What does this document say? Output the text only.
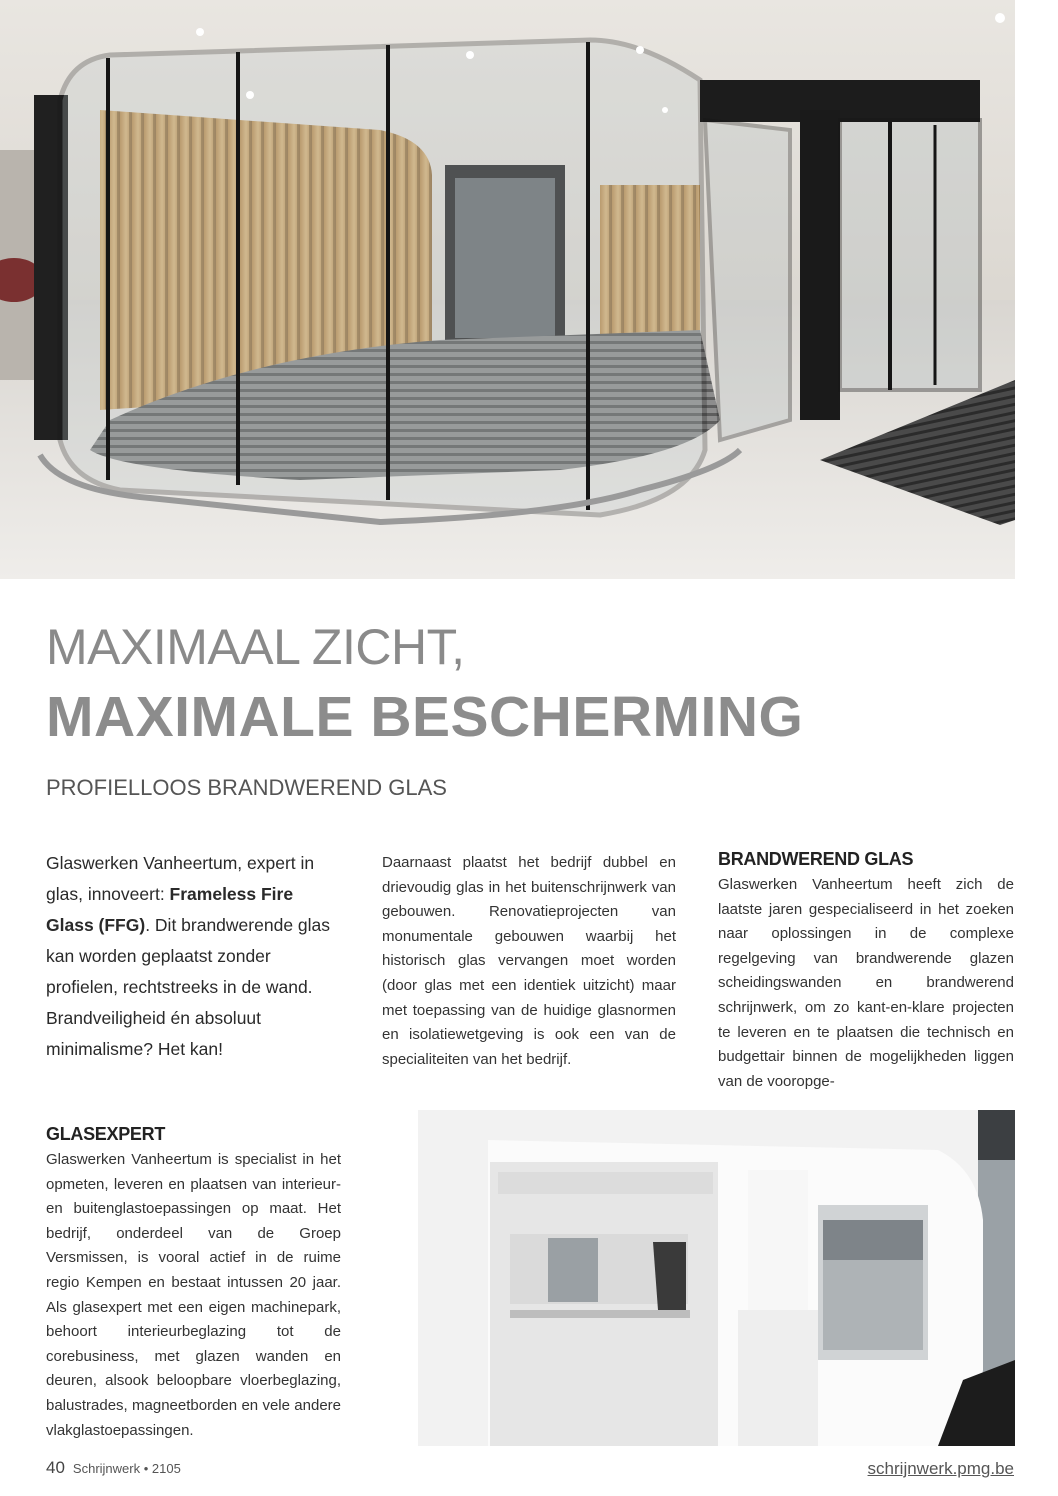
MAXIMAAL ZICHT,
MAXIMALE BESCHERMING
PROFIELLOOS BRANDWEREND GLAS

Glaswerken Vanheertum, expert in glas, innoveert: Frameless Fire Glass (FFG). Dit brandwerende glas kan worden geplaatst zonder profielen, rechtstreeks in de wand. Brandveiligheid én absoluut minimalisme? Het kan!

Daarnaast plaatst het bedrijf dubbel en drievoudig glas in het buitenschrijnwerk van gebouwen. Renovatieprojecten van monumentale gebouwen waarbij het historisch glas vervangen moet worden (door glas met een identiek uitzicht) maar met toepassing van de huidige glasnormen en isolatiewetgeving is ook een van de specialiteiten van het bedrijf.

BRANDWEREND GLAS

Glaswerken Vanheertum heeft zich de laatste jaren gespecialiseerd in het zoeken naar oplossingen in de complexe regelgeving van brandwerende glazen scheidingswanden en brandwerend schrijnwerk, om zo kant-en-klare projecten te leveren en te plaatsen die technisch en budgettair binnen de mogelijkheden liggen van de vooropge-

GLASEXPERT

Glaswerken Vanheertum is specialist in het opmeten, leveren en plaatsen van interieur- en buitenglastoepassingen op maat. Het bedrijf, onderdeel van de Groep Versmissen, is vooral actief in de ruime regio Kempen en bestaat intussen 20 jaar. Als glasexpert met een eigen machinepark, behoort interieurbeglazing tot de corebusiness, met glazen wanden en deuren, alsook beloopbare vloerbeglazing, balustrades, magneetborden en vele andere vlakglastoepassingen.

40 Schrijnwerk • 2105	schrijnwerk.pmg.be
